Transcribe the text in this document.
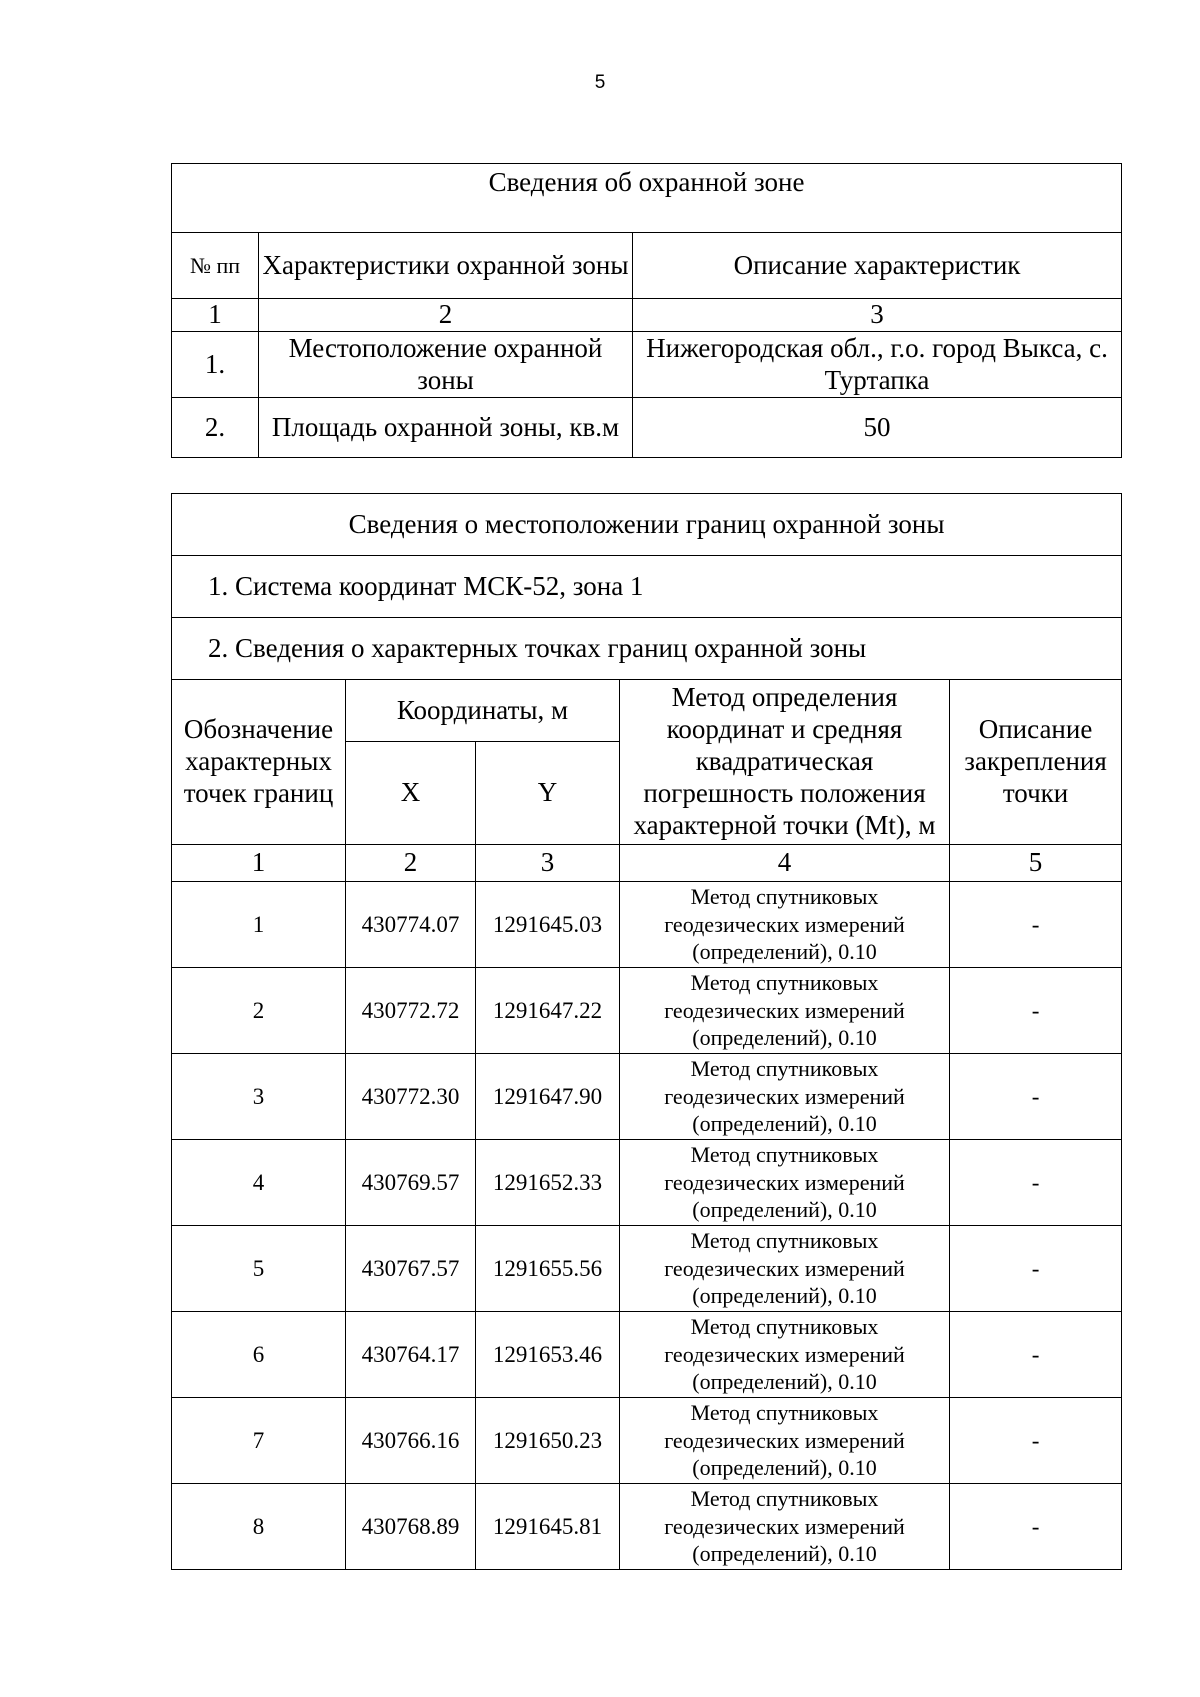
5
Сведения об охранной зоне		
№ пп	Характеристики охранной зоны	Описание характеристик
1	2	3
1.	Местоположение охранной зоны	Нижегородская обл., г.о. город Выкса, с. Туртапка
2.	Площадь охранной зоны, кв.м	50
Сведения о местоположении границ охранной зоны				
1. Система координат МСК-52, зона 1				
2. Сведения о характерных точках границ охранной зоны				
Обозначение характерных точек границ	Координаты, м		Метод определения координат и средняя квадратическая погрешность положения характерной точки (Mt), м	Описание закрепления точки
	X	Y		
1	2	3	4	5
1	430774.07	1291645.03	Метод спутниковых геодезических измерений (определений), 0.10	-
2	430772.72	1291647.22	Метод спутниковых геодезических измерений (определений), 0.10	-
3	430772.30	1291647.90	Метод спутниковых геодезических измерений (определений), 0.10	-
4	430769.57	1291652.33	Метод спутниковых геодезических измерений (определений), 0.10	-
5	430767.57	1291655.56	Метод спутниковых геодезических измерений (определений), 0.10	-
6	430764.17	1291653.46	Метод спутниковых геодезических измерений (определений), 0.10	-
7	430766.16	1291650.23	Метод спутниковых геодезических измерений (определений), 0.10	-
8	430768.89	1291645.81	Метод спутниковых геодезических измерений (определений), 0.10	-
